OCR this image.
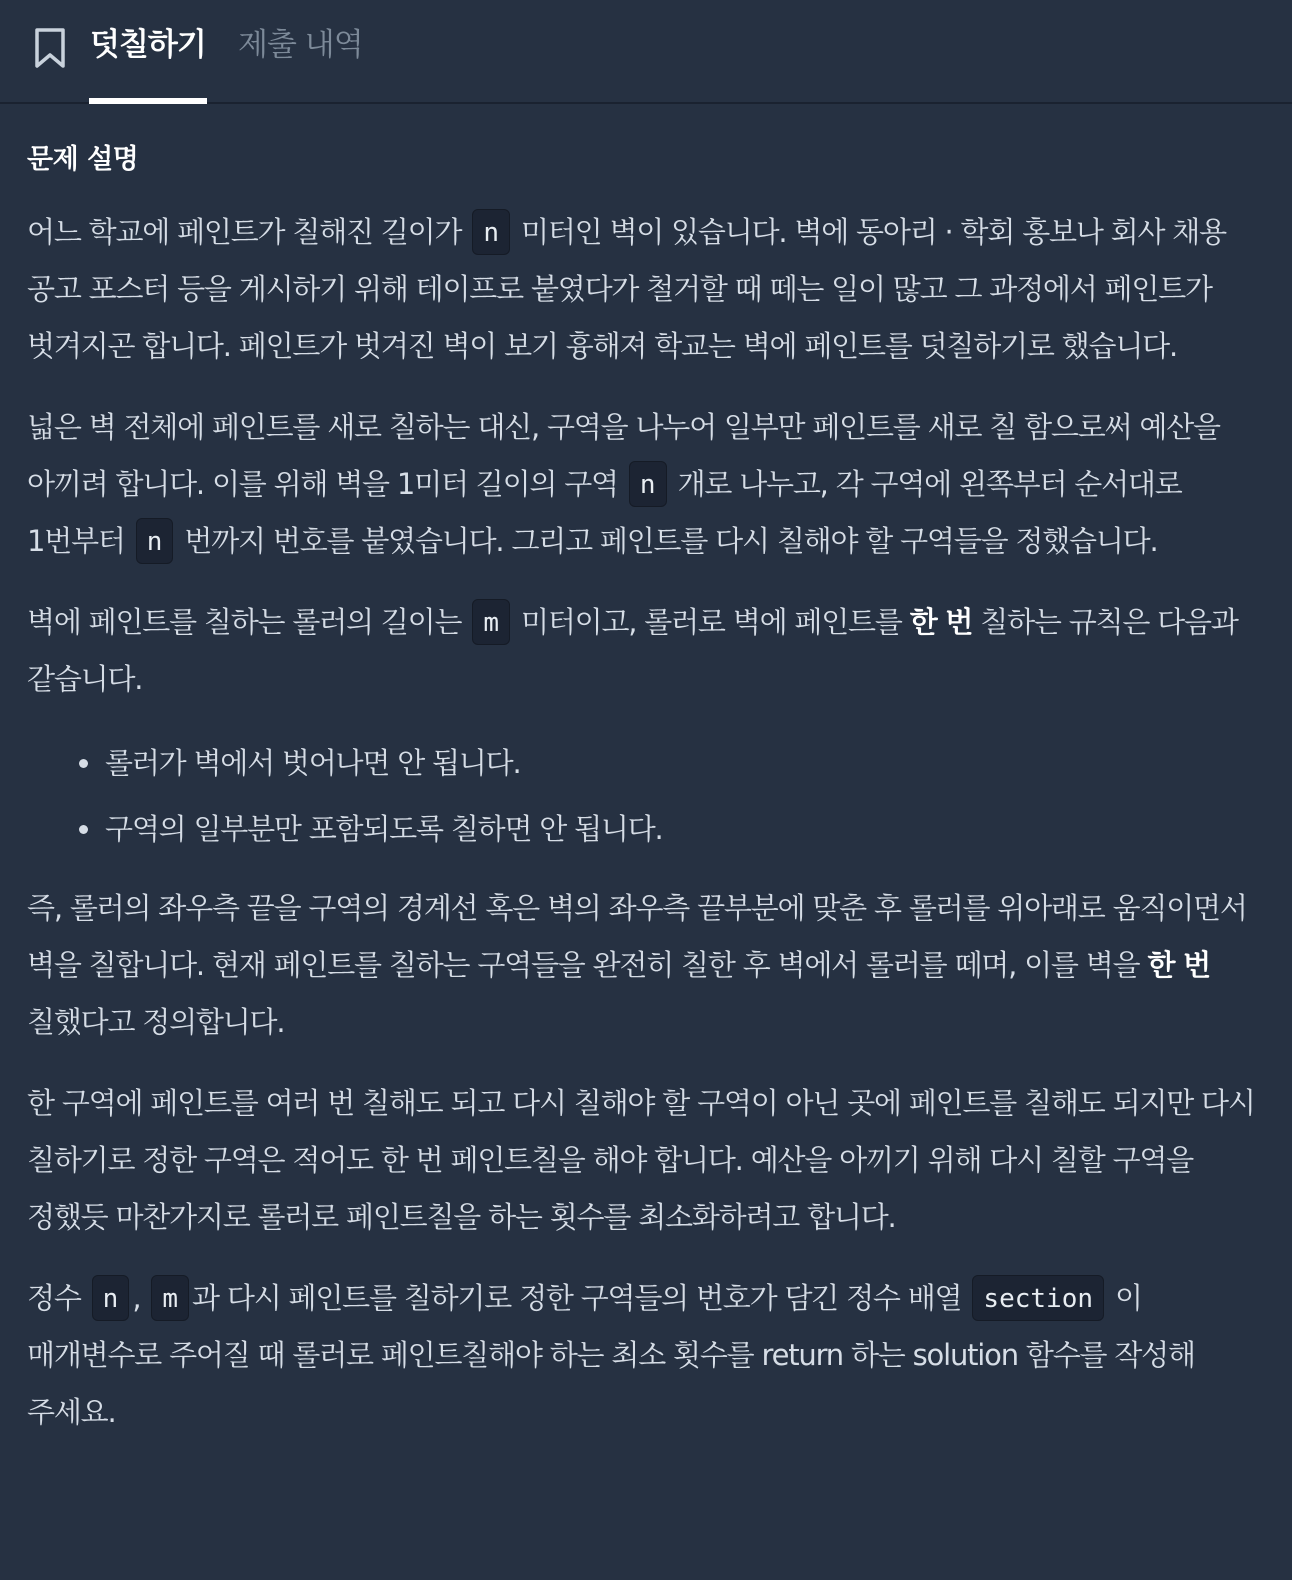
덧칠하기 제출 내역
문제 설명

어느 학교에 페인트가 칠해진 길이가 n 미터인 벽이 있습니다. 벽에 동아리 · 학회 홍보나 회사 채용 공고 포스터 등을 게시하기 위해 테이프로 붙였다가 철거할 때 떼는 일이 많고 그 과정에서 페인트가 벗겨지곤 합니다. 페인트가 벗겨진 벽이 보기 흉해져 학교는 벽에 페인트를 덧칠하기로 했습니다.

넓은 벽 전체에 페인트를 새로 칠하는 대신, 구역을 나누어 일부만 페인트를 새로 칠 함으로써 예산을 아끼려 합니다. 이를 위해 벽을 1미터 길이의 구역 n 개로 나누고, 각 구역에 왼쪽부터 순서대로 1번부터 n 번까지 번호를 붙였습니다. 그리고 페인트를 다시 칠해야 할 구역들을 정했습니다.

벽에 페인트를 칠하는 롤러의 길이는 m 미터이고, 롤러로 벽에 페인트를 한 번 칠하는 규칙은 다음과 같습니다.

롤러가 벽에서 벗어나면 안 됩니다.
구역의 일부분만 포함되도록 칠하면 안 됩니다.

즉, 롤러의 좌우측 끝을 구역의 경계선 혹은 벽의 좌우측 끝부분에 맞춘 후 롤러를 위아래로 움직이면서 벽을 칠합니다. 현재 페인트를 칠하는 구역들을 완전히 칠한 후 벽에서 롤러를 떼며, 이를 벽을 한 번 칠했다고 정의합니다.

한 구역에 페인트를 여러 번 칠해도 되고 다시 칠해야 할 구역이 아닌 곳에 페인트를 칠해도 되지만 다시 칠하기로 정한 구역은 적어도 한 번 페인트칠을 해야 합니다. 예산을 아끼기 위해 다시 칠할 구역을 정했듯 마찬가지로 롤러로 페인트칠을 하는 횟수를 최소화하려고 합니다.

정수 n , m 과 다시 페인트를 칠하기로 정한 구역들의 번호가 담긴 정수 배열 section 이 매개변수로 주어질 때 롤러로 페인트칠해야 하는 최소 횟수를 return 하는 solution 함수를 작성해 주세요.
